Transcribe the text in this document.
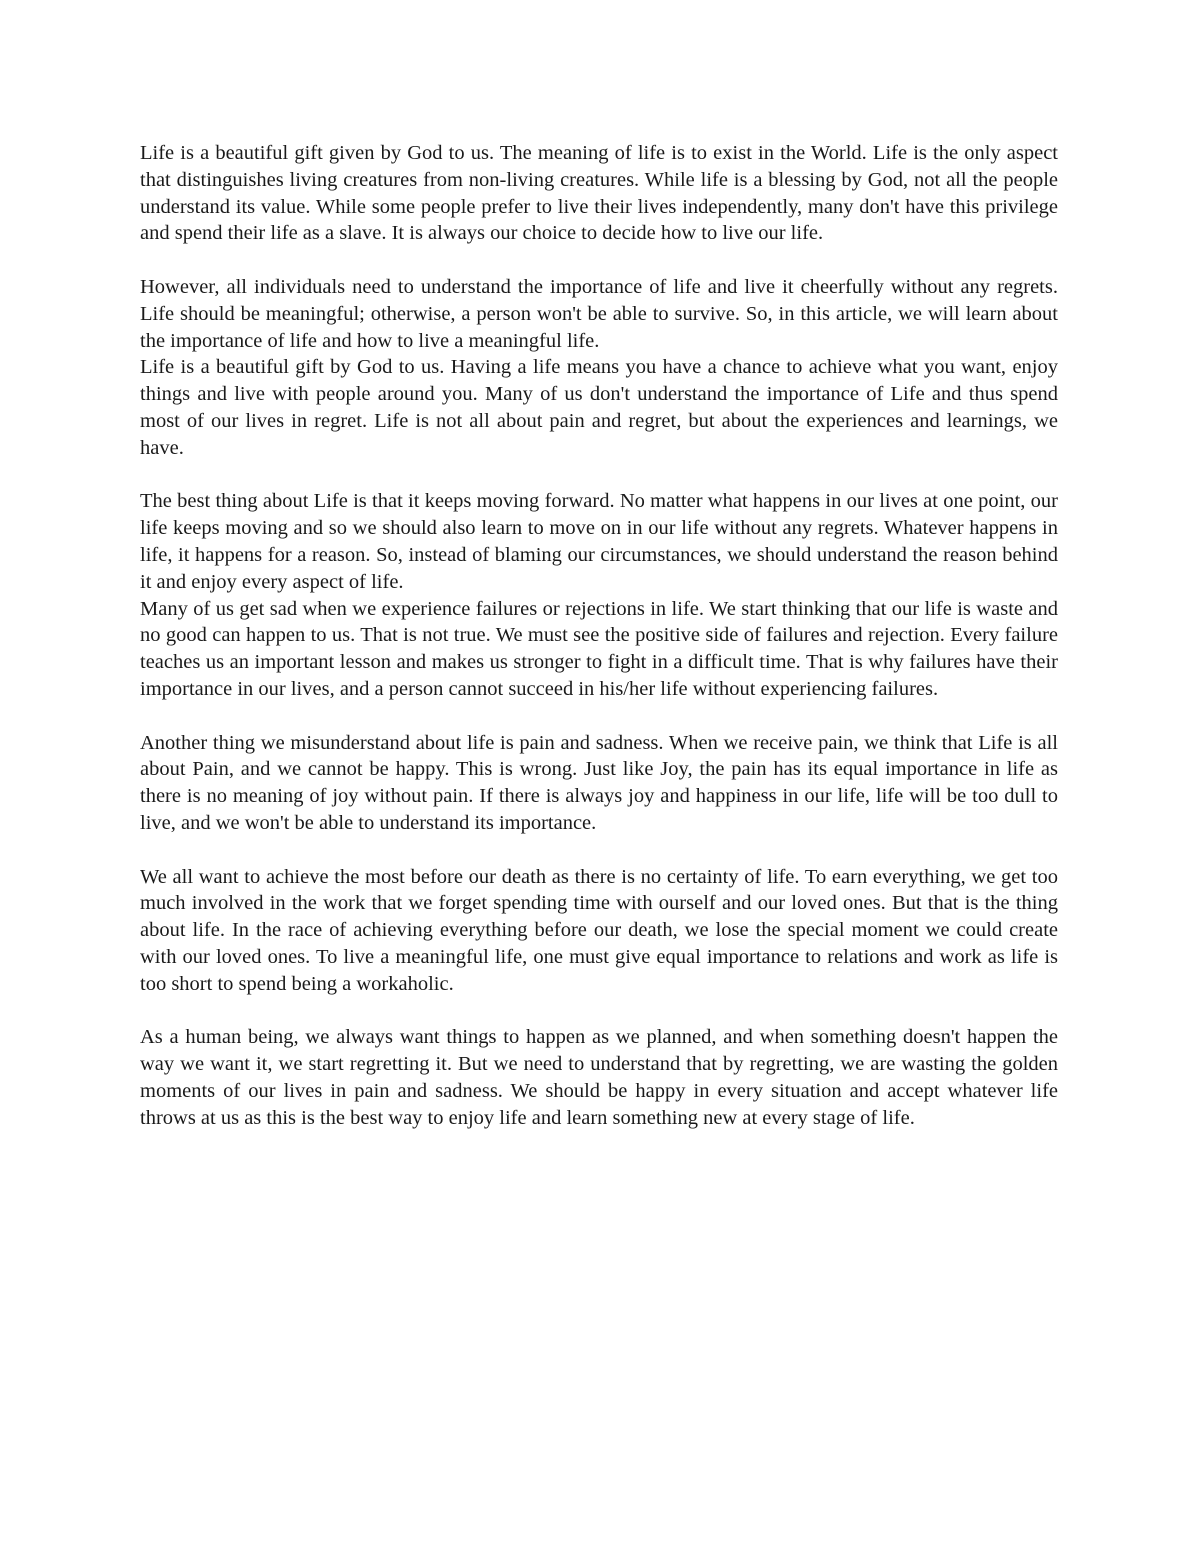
Life is a beautiful gift given by God to us. The meaning of life is to exist in the World. Life is the only aspect that distinguishes living creatures from non-living creatures. While life is a blessing by God, not all the people understand its value. While some people prefer to live their lives independently, many don't have this privilege and spend their life as a slave. It is always our choice to decide how to live our life.

However, all individuals need to understand the importance of life and live it cheerfully without any regrets. Life should be meaningful; otherwise, a person won't be able to survive. So, in this article, we will learn about the importance of life and how to live a meaningful life.

Life is a beautiful gift by God to us. Having a life means you have a chance to achieve what you want, enjoy things and live with people around you. Many of us don't understand the importance of Life and thus spend most of our lives in regret. Life is not all about pain and regret, but about the experiences and learnings, we have.

The best thing about Life is that it keeps moving forward. No matter what happens in our lives at one point, our life keeps moving and so we should also learn to move on in our life without any regrets. Whatever happens in life, it happens for a reason. So, instead of blaming our circumstances, we should understand the reason behind it and enjoy every aspect of life.

Many of us get sad when we experience failures or rejections in life. We start thinking that our life is waste and no good can happen to us. That is not true. We must see the positive side of failures and rejection. Every failure teaches us an important lesson and makes us stronger to fight in a difficult time. That is why failures have their importance in our lives, and a person cannot succeed in his/her life without experiencing failures.

Another thing we misunderstand about life is pain and sadness. When we receive pain, we think that Life is all about Pain, and we cannot be happy. This is wrong. Just like Joy, the pain has its equal importance in life as there is no meaning of joy without pain. If there is always joy and happiness in our life, life will be too dull to live, and we won't be able to understand its importance.

We all want to achieve the most before our death as there is no certainty of life. To earn everything, we get too much involved in the work that we forget spending time with ourself and our loved ones. But that is the thing about life. In the race of achieving everything before our death, we lose the special moment we could create with our loved ones. To live a meaningful life, one must give equal importance to relations and work as life is too short to spend being a workaholic.

As a human being, we always want things to happen as we planned, and when something doesn't happen the way we want it, we start regretting it. But we need to understand that by regretting, we are wasting the golden moments of our lives in pain and sadness. We should be happy in every situation and accept whatever life throws at us as this is the best way to enjoy life and learn something new at every stage of life.
